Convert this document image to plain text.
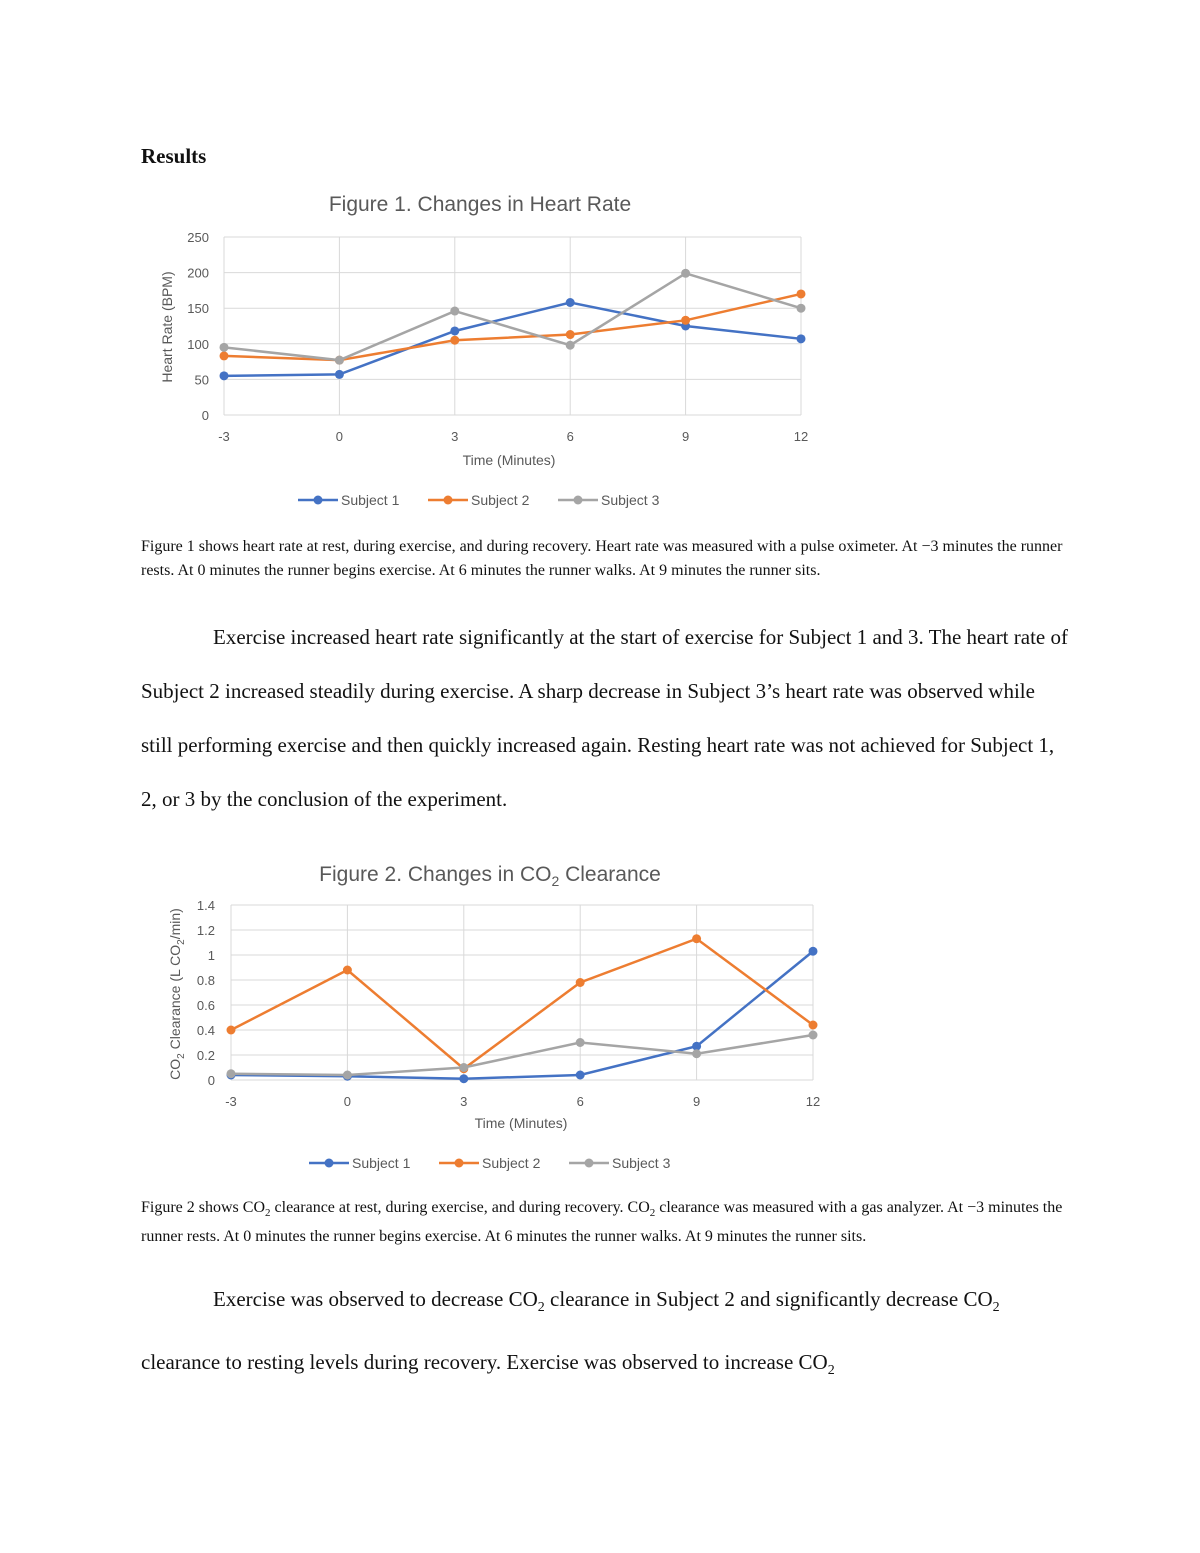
Results
Figure 1. Changes in Heart Rate
0
50
100
150
200
250
-3	0	3	6	9	12
Time (Minutes)
Heart Rate (BPM)
Subject 1	Subject 2	Subject 3
Figure 1 shows heart rate at rest, during exercise, and during recovery. Heart rate was measured with a pulse oximeter. At −3 minutes the runner rests. At 0 minutes the runner begins exercise. At 6 minutes the runner walks. At 9 minutes the runner sits.
Exercise increased heart rate significantly at the start of exercise for Subject 1 and 3. The heart rate of Subject 2 increased steadily during exercise. A sharp decrease in Subject 3’s heart rate was observed while still performing exercise and then quickly increased again. Resting heart rate was not achieved for Subject 1, 2, or 3 by the conclusion of the experiment.
Figure 2. Changes in $CO_2$ Clearance
0
0.2
0.4
0.6
0.8
1
1.2
1.4
-3	0	3	6	9	12
Time (Minutes)
$CO_2$ Clearance (L $CO_2/\min$)
Subject 1	Subject 2	Subject 3
Figure 2 shows $CO_2$ clearance at rest, during exercise, and during recovery. $CO_2$ clearance was measured with a gas analyzer. At −3 minutes the runner rests. At 0 minutes the runner begins exercise. At 6 minutes the runner walks. At 9 minutes the runner sits.
Exercise was observed to decrease $CO_2$ clearance in Subject 2 and significantly decrease $CO_2$ clearance to resting levels during recovery. Exercise was observed to increase $CO_2$
